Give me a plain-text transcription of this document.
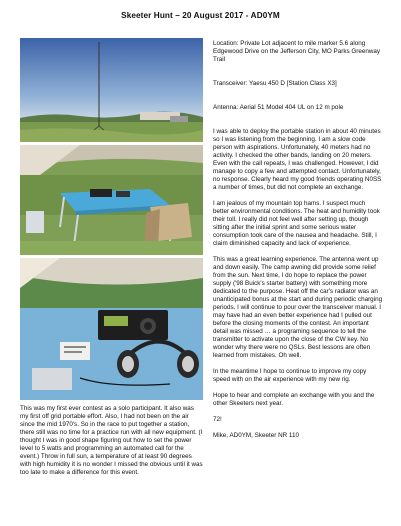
Skeeter Hunt – 20 August 2017 - AD0YM

This was my first ever contest as a solo participant. It also was my first off grid portable effort. Also, I had not been on the air since the mid 1970's. So in the race to put together a station, there still was no time for a practice run with all new equipment. (I thought I was in good shape figuring out how to set the power level to 5 watts and programming an automated call for the event.) Throw in full sun, a temperature of at least 90 degrees with high humidity it is no wonder I missed the obvious until it was too late to make a difference for this event.

Location: Private Lot adjacent to mile marker 5.6 along Edgewood Drive on the Jefferson City, MO Parks Greenway Trail

Transceiver: Yaesu 450 D [Station Class X3]

Antenna: Aerial 51 Model 404 UL on 12 m pole

I was able to deploy the portable station in about 40 minutes so I was listening from the beginning. I am a slow code person with aspirations. Unfortunately, 40 meters had no activity. I checked the other bands, landing on 20 meters. Even with the call repeats, I was challenged. However, I did manage to copy a few and attempted contact. Unfortunately, no response. Clearly heard my good friends operating N0SS a number of times, but did not complete an exchange.

I am jealous of my mountain top hams. I suspect much better environmental conditions. The heat and humidity took their toll. I really did not feel well after setting up, though sitting after the initial sprint and some serious water consumption took care of the nausea and headache. Still, I claim diminished capacity and lack of experience.

This was a great learning experience. The antenna went up and down easily. The camp awning did provide some relief from the sun. Next time, I do hope to replace the power supply ('98 Buick's starter battery) with something more dedicated to the purpose. Heat off the car's radiator was an unanticipated bonus at the start and during periodic charging periods. I will continue to pour over the transceiver manual. I may have had an even better experience had I pulled out before the closing moments of the contest. An important detail was missed … a programing sequence to tell the transmitter to activate upon the close of the CW key. No wonder why there were no QSLs. Best lessons are often learned from mistakes. Oh well.

In the meantime I hope to continue to improve my copy speed with on the air experience with my new rig.

Hope to hear and complete an exchange with you and the other Skeeters next year.

72!

Mike, AD0YM, Skeeter NR 110
